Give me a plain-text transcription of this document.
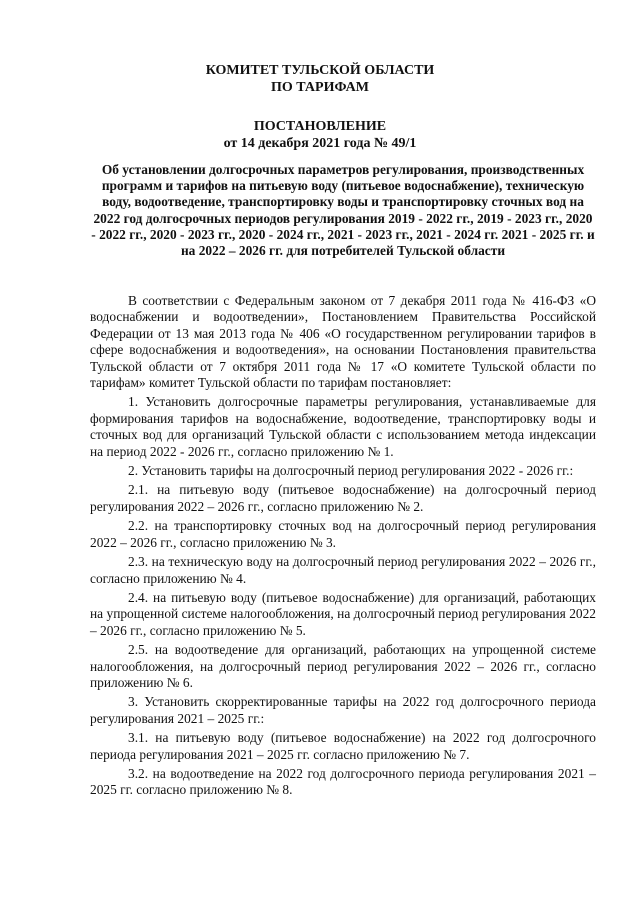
КОМИТЕТ ТУЛЬСКОЙ ОБЛАСТИ
ПО ТАРИФАМ
ПОСТАНОВЛЕНИЕ
от 14 декабря 2021 года № 49/1
Об установлении долгосрочных параметров регулирования, производственных программ и тарифов на питьевую воду (питьевое водоснабжение), техническую воду, водоотведение, транспортировку воды и транспортировку сточных вод на 2022 год долгосрочных периодов регулирования 2019 - 2022 гг., 2019 - 2023 гг., 2020 - 2022 гг., 2020 - 2023 гг., 2020 - 2024 гг., 2021 - 2023 гг., 2021 - 2024 гг. 2021 - 2025 гг. и на 2022 – 2026 гг. для потребителей Тульской области

В соответствии с Федеральным законом от 7 декабря 2011 года № 416-ФЗ «О водоснабжении и водоотведении», Постановлением Правительства Российской Федерации от 13 мая 2013 года № 406 «О государственном регулировании тарифов в сфере водоснабжения и водоотведения», на основании Постановления правительства Тульской области от 7 октября 2011 года № 17 «О комитете Тульской области по тарифам» комитет Тульской области по тарифам постановляет:

1. Установить долгосрочные параметры регулирования, устанавливаемые для формирования тарифов на водоснабжение, водоотведение, транспортировку воды и сточных вод для организаций Тульской области с использованием метода индексации на период 2022 - 2026 гг., согласно приложению № 1.

2. Установить тарифы на долгосрочный период регулирования 2022 - 2026 гг.:

2.1. на питьевую воду (питьевое водоснабжение) на долгосрочный период регулирования 2022 – 2026 гг., согласно приложению № 2.

2.2. на транспортировку сточных вод на долгосрочный период регулирования 2022 – 2026 гг., согласно приложению № 3.

2.3. на техническую воду на долгосрочный период регулирования 2022 – 2026 гг., согласно приложению № 4.

2.4. на питьевую воду (питьевое водоснабжение) для организаций, работающих на упрощенной системе налогообложения, на долгосрочный период регулирования 2022 – 2026 гг., согласно приложению № 5.

2.5. на водоотведение для организаций, работающих на упрощенной системе налогообложения, на долгосрочный период регулирования 2022 – 2026 гг., согласно приложению № 6.

3. Установить скорректированные тарифы на 2022 год долгосрочного периода регулирования 2021 – 2025 гг.:

3.1. на питьевую воду (питьевое водоснабжение) на 2022 год долгосрочного периода регулирования 2021 – 2025 гг. согласно приложению № 7.

3.2. на водоотведение на 2022 год долгосрочного периода регулирования 2021 – 2025 гг. согласно приложению № 8.
